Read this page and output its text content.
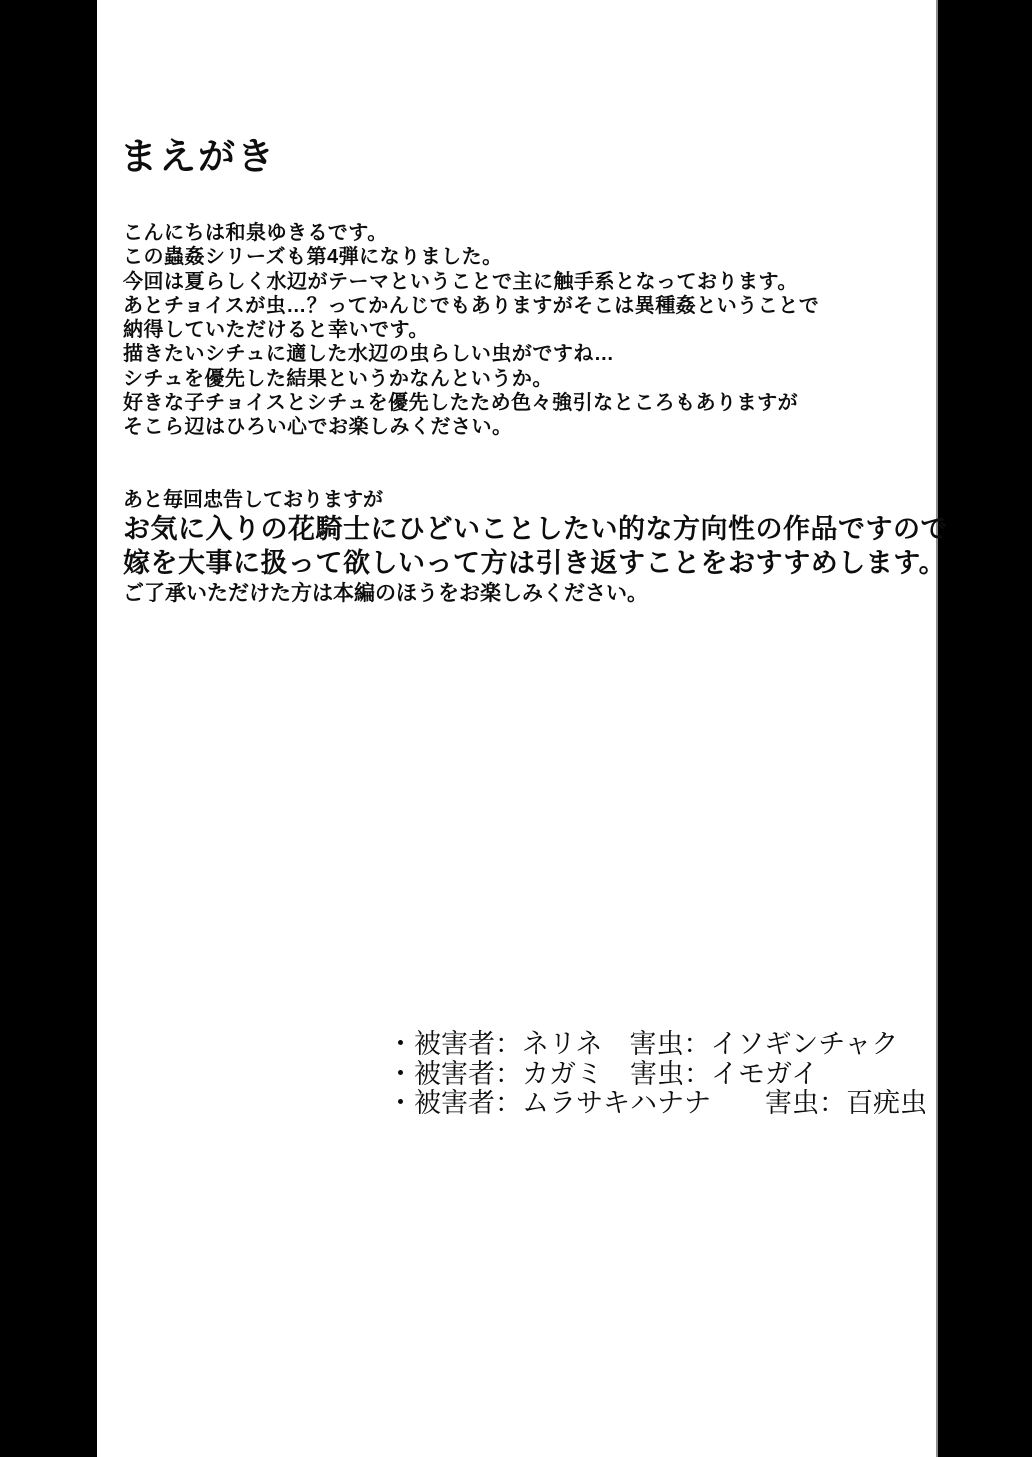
まえがき
こんにちは和泉ゆきるです。
この蟲姦シリーズも第4弾になりました。
今回は夏らしく水辺がテーマということで主に触手系となっております。
あとチョイスが虫…？ってかんじでもありますがそこは異種姦ということで
納得していただけると幸いです。
描きたいシチュに適した水辺の虫らしい虫がですね…
シチュを優先した結果というかなんというか。
好きな子チョイスとシチュを優先したため色々強引なところもありますが
そこら辺はひろい心でお楽しみください。
あと毎回忠告しておりますが
お気に入りの花騎士にひどいことしたい的な方向性の作品ですので
嫁を大事に扱って欲しいって方は引き返すことをおすすめします。
ご了承いただけた方は本編のほうをお楽しみください。
・被害者：ネリネ　害虫：イソギンチャク
・被害者：カガミ　害虫：イモガイ
・被害者：ムラサキハナナ　　害虫：百疣虫
